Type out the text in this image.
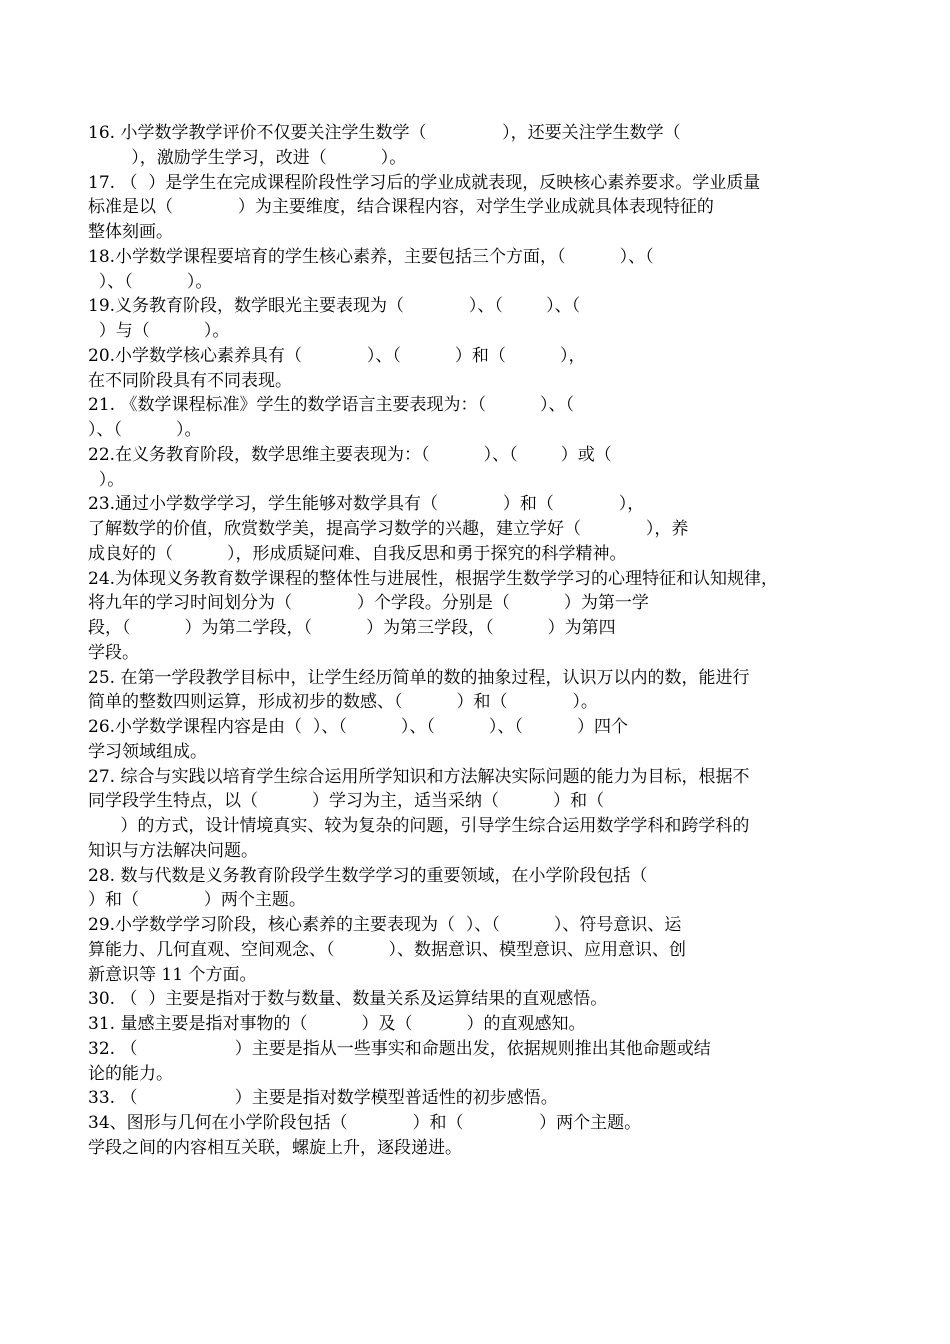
16. 小学数学教学评价不仅要关注学生数学（              ），还要关注学生数学（
），激励学生学习，改进（          ）。
17. （  ）是学生在完成课程阶段性学习后的学业成就表现，反映核心素养要求。学业质量
标准是以（            ）为主要维度，结合课程内容，对学生学业成就具体表现特征的
整体刻画。
18.小学数学课程要培育的学生核心素养，主要包括三个方面，（          ）、（
）、（          ）。
19.义务教育阶段，数学眼光主要表现为（            ）、（        ）、（
）与（          ）。
20.小学数学核心素养具有（            ）、（          ）和（          ），
在不同阶段具有不同表现。
21. 《数学课程标准》学生的数学语言主要表现为：（          ）、（
）、（          ）。
22.在义务教育阶段，数学思维主要表现为：（          ）、（        ）或（
）。
23.通过小学数学学习，学生能够对数学具有（            ）和（            ），
了解数学的价值，欣赏数学美，提高学习数学的兴趣，建立学好（            ），养
成良好的（          ），形成质疑问难、自我反思和勇于探究的科学精神。
24.为体现义务教育数学课程的整体性与进展性，根据学生数学学习的心理特征和认知规律，
将九年的学习时间划分为（            ）个学段。分别是（          ）为第一学
段，（          ）为第二学段，（          ）为第三学段，（          ）为第四
学段。
25. 在第一学段教学目标中，让学生经历简单的数的抽象过程，认识万以内的数，能进行
简单的整数四则运算，形成初步的数感、（          ）和（            ）。
26.小学数学课程内容是由（  ）、（          ）、（          ）、（          ）四个
学习领域组成。
27. 综合与实践以培育学生综合运用所学知识和方法解决实际问题的能力为目标，根据不
同学段学生特点，以（          ）学习为主，适当采纳（          ）和（
）的方式，设计情境真实、较为复杂的问题，引导学生综合运用数学学科和跨学科的
知识与方法解决问题。
28. 数与代数是义务教育阶段学生数学学习的重要领域，在小学阶段包括（
）和（            ）两个主题。
29.小学数学学习阶段，核心素养的主要表现为（  ）、（          ）、符号意识、运
算能力、几何直观、空间观念、（          ）、数据意识、模型意识、应用意识、创
新意识等 11 个方面。
30. （  ）主要是指对于数与数量、数量关系及运算结果的直观感悟。
31. 量感主要是指对事物的（          ）及（          ）的直观感知。
32. （                  ）主要是指从一些事实和命题出发，依据规则推出其他命题或结
论的能力。
33. （                  ）主要是指对数学模型普适性的初步感悟。
34、图形与几何在小学阶段包括（            ）和（              ）两个主题。
学段之间的内容相互关联，螺旋上升，逐段递进。
